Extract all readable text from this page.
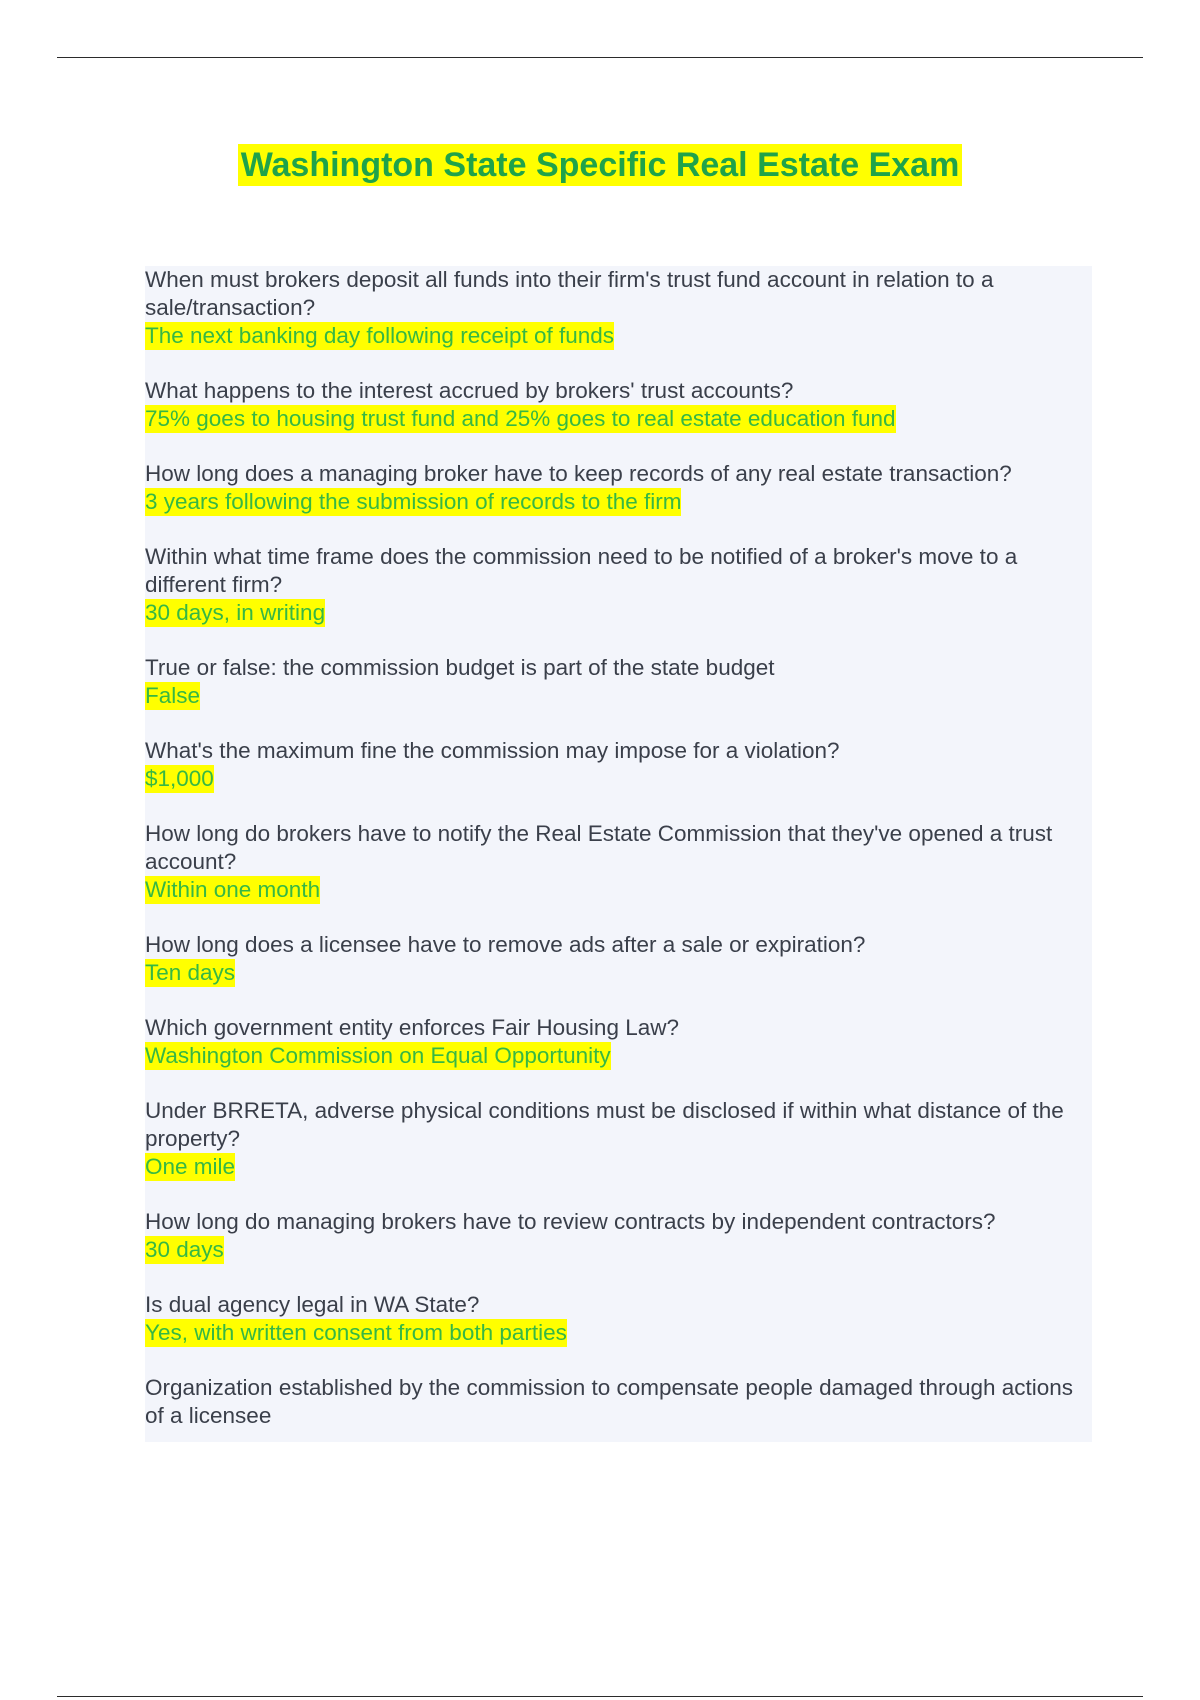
Washington State Specific Real Estate Exam

When must brokers deposit all funds into their firm's trust fund account in relation to a sale/transaction?

The next banking day following receipt of funds

What happens to the interest accrued by brokers' trust accounts?

75% goes to housing trust fund and 25% goes to real estate education fund

How long does a managing broker have to keep records of any real estate transaction?

3 years following the submission of records to the firm

Within what time frame does the commission need to be notified of a broker's move to a different firm?

30 days, in writing

True or false: the commission budget is part of the state budget

False

What's the maximum fine the commission may impose for a violation?

$1,000

How long do brokers have to notify the Real Estate Commission that they've opened a trust account?

Within one month

How long does a licensee have to remove ads after a sale or expiration?

Ten days

Which government entity enforces Fair Housing Law?

Washington Commission on Equal Opportunity

Under BRRETA, adverse physical conditions must be disclosed if within what distance of the property?

One mile

How long do managing brokers have to review contracts by independent contractors?

30 days

Is dual agency legal in WA State?

Yes, with written consent from both parties

Organization established by the commission to compensate people damaged through actions of a licensee
